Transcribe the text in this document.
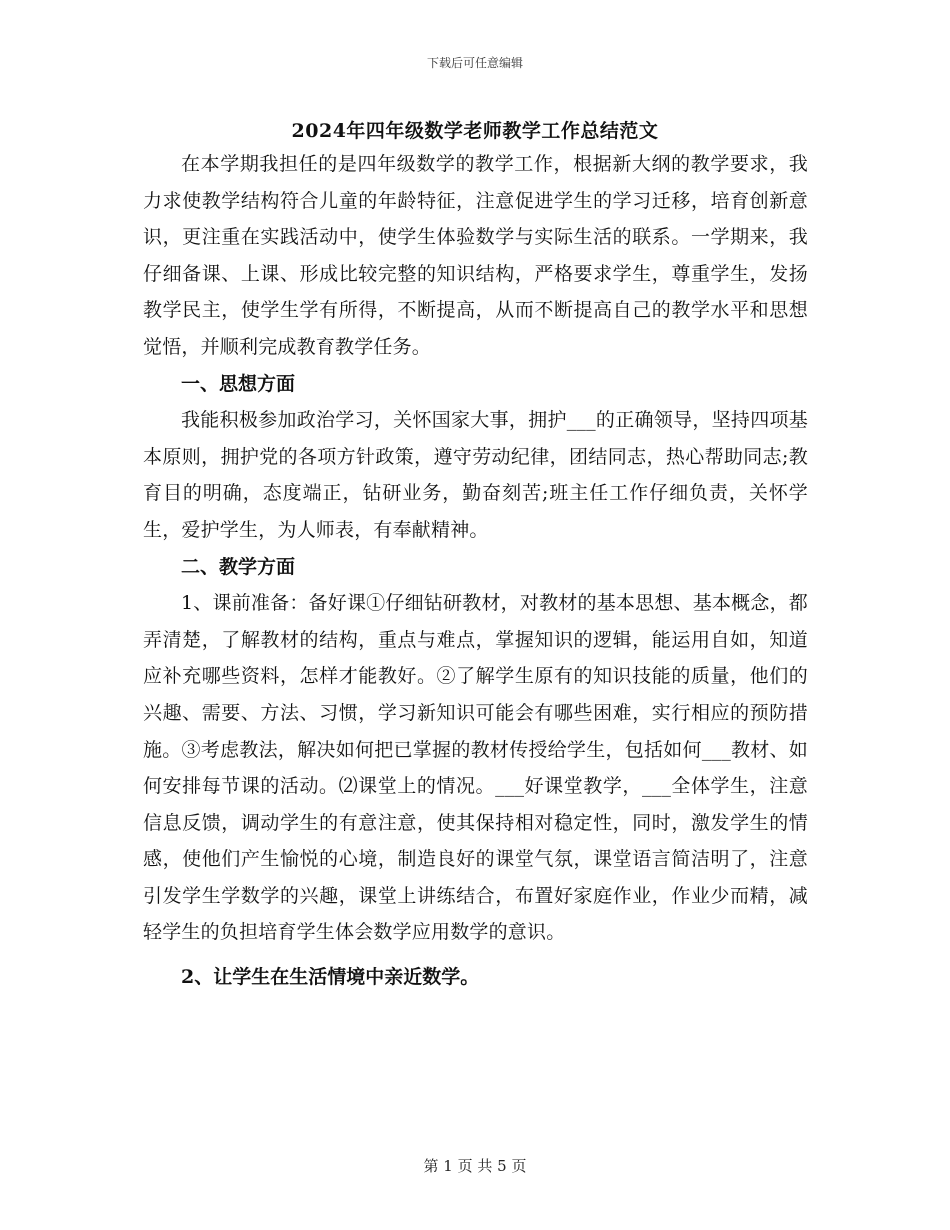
下载后可任意编辑
2024年四年级数学老师教学工作总结范文

在本学期我担任的是四年级数学的教学工作，根据新大纲的教学要求，我力求使教学结构符合儿童的年龄特征，注意促进学生的学习迁移，培育创新意识，更注重在实践活动中，使学生体验数学与实际生活的联系。一学期来，我仔细备课、上课、形成比较完整的知识结构，严格要求学生，尊重学生，发扬教学民主，使学生学有所得，不断提高，从而不断提高自己的教学水平和思想觉悟，并顺利完成教育教学任务。

一、思想方面

我能积极参加政治学习，关怀国家大事，拥护___的正确领导，坚持四项基本原则，拥护党的各项方针政策，遵守劳动纪律，团结同志，热心帮助同志;教育目的明确，态度端正，钻研业务，勤奋刻苦;班主任工作仔细负责，关怀学生，爱护学生，为人师表，有奉献精神。

二、教学方面

1、课前准备：备好课①仔细钻研教材，对教材的基本思想、基本概念，都弄清楚，了解教材的结构，重点与难点，掌握知识的逻辑，能运用自如，知道应补充哪些资料，怎样才能教好。②了解学生原有的知识技能的质量，他们的兴趣、需要、方法、习惯，学习新知识可能会有哪些困难，实行相应的预防措施。③考虑教法，解决如何把已掌握的教材传授给学生，包括如何___教材、如何安排每节课的活动。⑵课堂上的情况。___好课堂教学，___全体学生，注意信息反馈，调动学生的有意注意，使其保持相对稳定性，同时，激发学生的情感，使他们产生愉悦的心境，制造良好的课堂气氛，课堂语言简洁明了，注意引发学生学数学的兴趣，课堂上讲练结合，布置好家庭作业，作业少而精，减轻学生的负担培育学生体会数学应用数学的意识。

2、让学生在生活情境中亲近数学。

第 1 页 共 5 页
